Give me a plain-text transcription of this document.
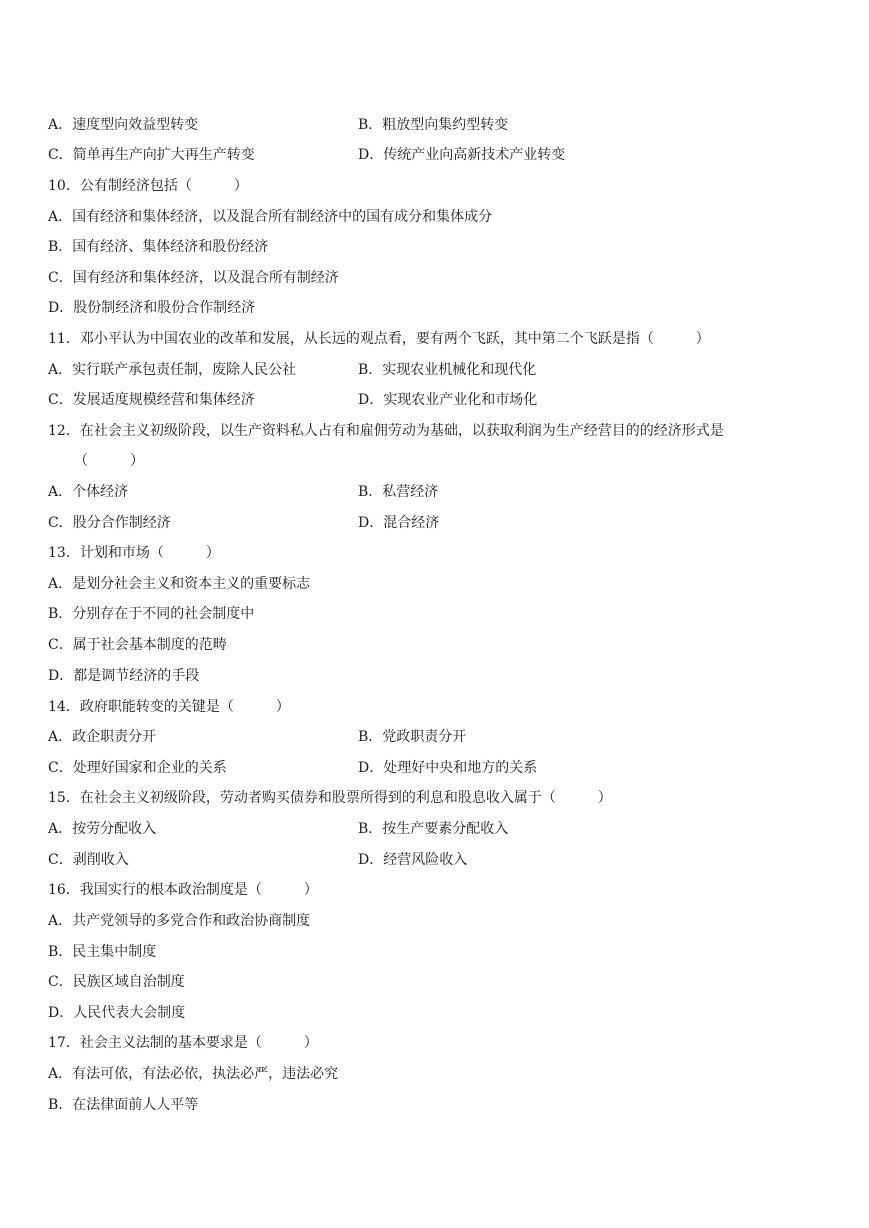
A．速度型向效益型转变	B．粗放型向集约型转变
C．简单再生产向扩大再生产转变	D．传统产业向高新技术产业转变
10．公有制经济包括（　　　）
A．国有经济和集体经济，以及混合所有制经济中的国有成分和集体成分
B．国有经济、集体经济和股份经济
C．国有经济和集体经济，以及混合所有制经济
D．股份制经济和股份合作制经济
11．邓小平认为中国农业的改革和发展，从长远的观点看，要有两个飞跃，其中第二个飞跃是指（　　　）
A．实行联产承包责任制，废除人民公社	B．实现农业机械化和现代化
C．发展适度规模经营和集体经济	D．实现农业产业化和市场化
12．在社会主义初级阶段，以生产资料私人占有和雇佣劳动为基础，以获取利润为生产经营目的的经济形式是
（　　　）
A．个体经济	B．私营经济
C．股分合作制经济	D．混合经济
13．计划和市场（　　　）
A．是划分社会主义和资本主义的重要标志
B．分别存在于不同的社会制度中
C．属于社会基本制度的范畴
D．都是调节经济的手段
14．政府职能转变的关键是（　　　）
A．政企职责分开	B．党政职责分开
C．处理好国家和企业的关系	D．处理好中央和地方的关系
15．在社会主义初级阶段，劳动者购买债券和股票所得到的利息和股息收入属于（　　　）
A．按劳分配收入	B．按生产要素分配收入
C．剥削收入	D．经营风险收入
16．我国实行的根本政治制度是（　　　）
A．共产党领导的多党合作和政治协商制度
B．民主集中制度
C．民族区域自治制度
D．人民代表大会制度
17．社会主义法制的基本要求是（　　　）
A．有法可依，有法必依，执法必严，违法必究
B．在法律面前人人平等
